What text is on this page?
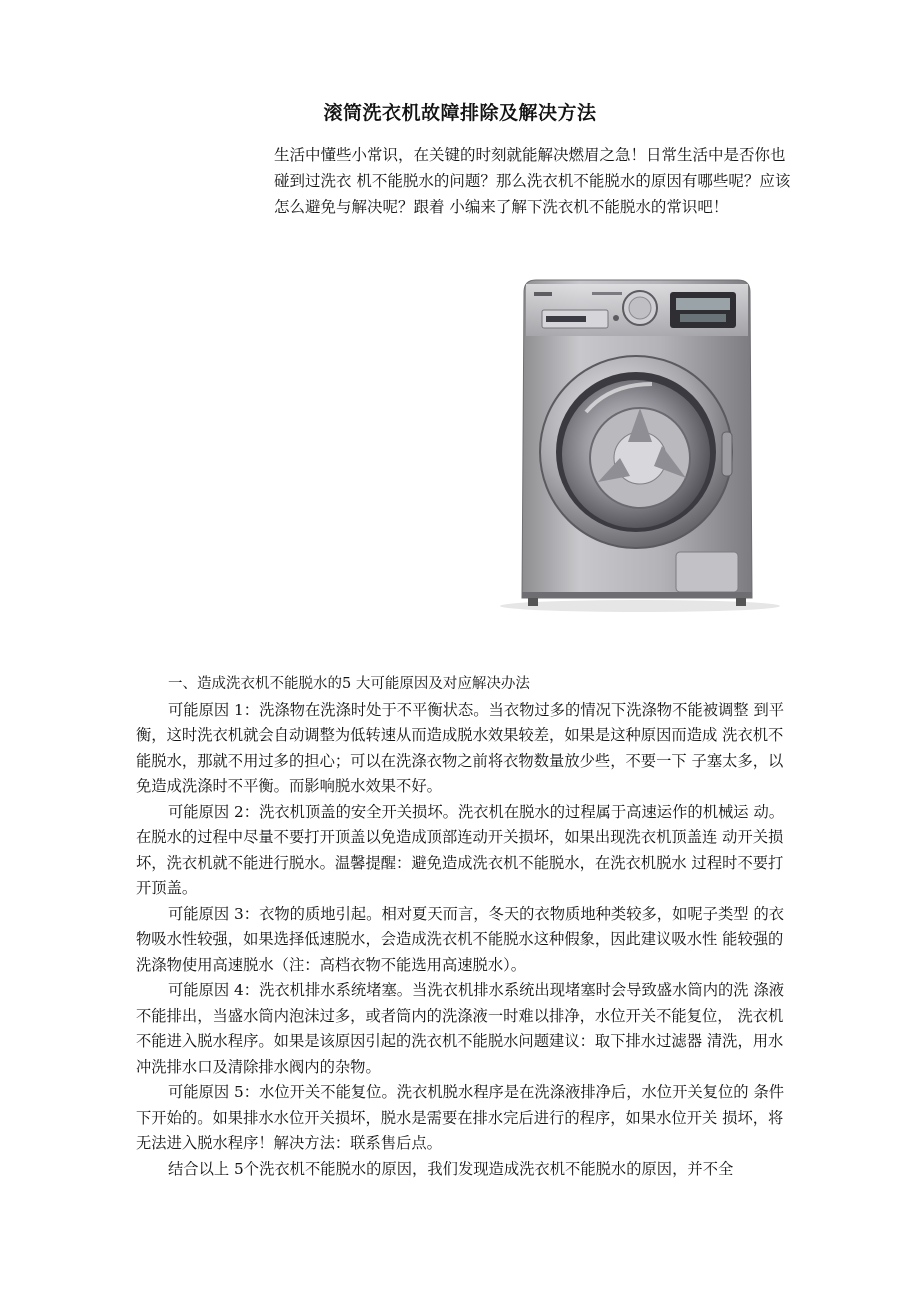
滚筒洗衣机故障排除及解决方法
生活中懂些小常识，在关键的时刻就能解决燃眉之急！日常生活中是否你也碰到过洗衣 机不能脱水的问题？那么洗衣机不能脱水的原因有哪些呢？应该怎么避免与解决呢？跟着 小编来了解下洗衣机不能脱水的常识吧！

一、造成洗衣机不能脱水的5 大可能原因及对应解决办法

可能原因 1：洗涤物在洗涤时处于不平衡状态。当衣物过多的情况下洗涤物不能被调整 到平衡，这时洗衣机就会自动调整为低转速从而造成脱水效果较差，如果是这种原因而造成 洗衣机不能脱水，那就不用过多的担心；可以在洗涤衣物之前将衣物数量放少些，不要一下 子塞太多，以免造成洗涤时不平衡。而影响脱水效果不好。

可能原因 2：洗衣机顶盖的安全开关损坏。洗衣机在脱水的过程属于高速运作的机械运 动。在脱水的过程中尽量不要打开顶盖以免造成顶部连动开关损坏，如果出现洗衣机顶盖连 动开关损坏，洗衣机就不能进行脱水。温馨提醒：避免造成洗衣机不能脱水，在洗衣机脱水 过程时不要打开顶盖。

可能原因 3：衣物的质地引起。相对夏天而言，冬天的衣物质地种类较多，如呢子类型 的衣物吸水性较强，如果选择低速脱水，会造成洗衣机不能脱水这种假象，因此建议吸水性 能较强的洗涤物使用高速脱水（注：高档衣物不能选用高速脱水）。

可能原因 4：洗衣机排水系统堵塞。当洗衣机排水系统出现堵塞时会导致盛水筒内的洗 涤液不能排出，当盛水筒内泡沫过多，或者筒内的洗涤液一时难以排净，水位开关不能复位， 洗衣机不能进入脱水程序。如果是该原因引起的洗衣机不能脱水问题建议：取下排水过滤器 清洗，用水冲洗排水口及清除排水阀内的杂物。

可能原因 5：水位开关不能复位。洗衣机脱水程序是在洗涤液排净后，水位开关复位的 条件下开始的。如果排水水位开关损坏，脱水是需要在排水完后进行的程序，如果水位开关 损坏，将无法进入脱水程序！解决方法：联系售后点。

结合以上 5个洗衣机不能脱水的原因，我们发现造成洗衣机不能脱水的原因，并不全
